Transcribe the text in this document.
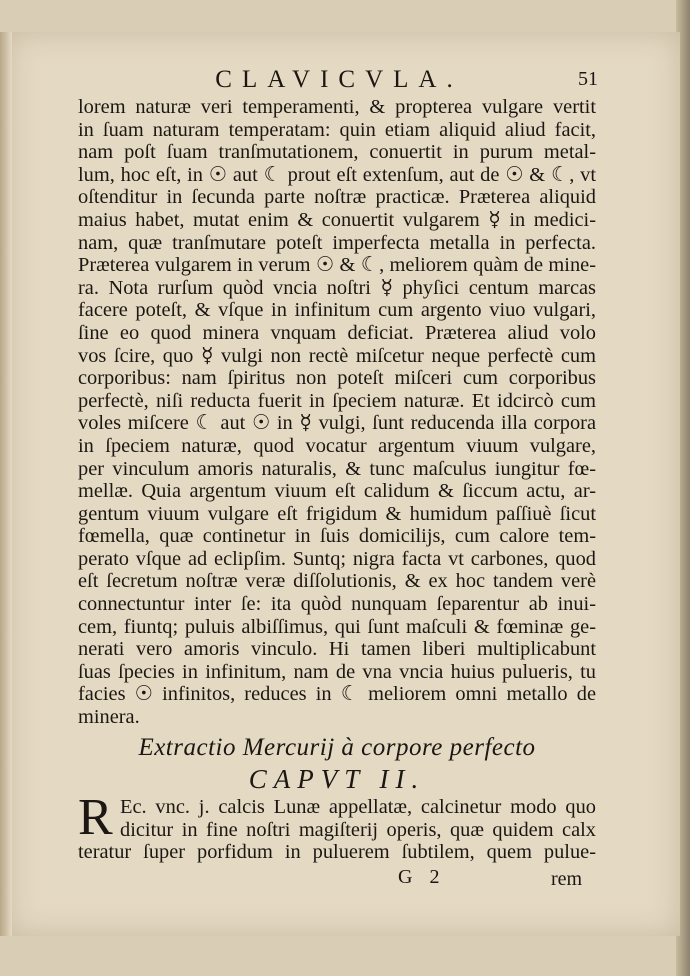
CLAVICVLA.	51
lorem naturæ veri temperamenti, & propterea vulgare vertit
in ſuam naturam temperatam: quin etiam aliquid aliud facit,
nam poſt ſuam tranſmutationem, conuertit in purum metal-
lum, hoc eſt, in ☉ aut ☾ prout eſt extenſum, aut de ☉ & ☾, vt
oſtenditur in ſecunda parte noſtræ practicæ. Præterea aliquid
maius habet, mutat enim & conuertit vulgarem ☿ in medici-
nam, quæ tranſmutare poteſt imperfecta metalla in perfecta.
Præterea vulgarem in verum ☉ & ☾, meliorem quàm de mine-
ra. Nota rurſum quòd vncia noſtri ☿ phyſici centum marcas
facere poteſt, & vſque in infinitum cum argento viuo vulgari,
ſine eo quod minera vnquam deficiat. Præterea aliud volo
vos ſcire, quo ☿ vulgi non rectè miſcetur neque perfectè cum
corporibus: nam ſpiritus non poteſt miſceri cum corporibus
perfectè, niſi reducta fuerit in ſpeciem naturæ. Et idcircò cum
voles miſcere ☾ aut ☉ in ☿ vulgi, ſunt reducenda illa corpora
in ſpeciem naturæ, quod vocatur argentum viuum vulgare,
per vinculum amoris naturalis, & tunc maſculus iungitur fœ-
mellæ. Quia argentum viuum eſt calidum & ſiccum actu, ar-
gentum viuum vulgare eſt frigidum & humidum paſſiuè ſicut
fœmella, quæ continetur in ſuis domicilijs, cum calore tem-
perato vſque ad eclipſim. Suntq; nigra facta vt carbones, quod
eſt ſecretum noſtræ veræ diſſolutionis, & ex hoc tandem verè
connectuntur inter ſe: ita quòd nunquam ſeparentur ab inui-
cem, fiuntq; puluis albiſſimus, qui ſunt maſculi & fœminæ ge-
nerati vero amoris vinculo. Hi tamen liberi multiplicabunt
ſuas ſpecies in infinitum, nam de vna vncia huius pulueris, tu
facies ☉ infinitos, reduces in ☾ meliorem omni metallo de
minera.
Extractio Mercurij à corpore perfecto
CAPVT II.
R Ec. vnc. j. calcis Lunæ appellatæ, calcinetur modo quo
dicitur in fine noſtri magiſterij operis, quæ quidem calx
teratur ſuper porfidum in puluerem ſubtilem, quem pulue-
G 2	rem
